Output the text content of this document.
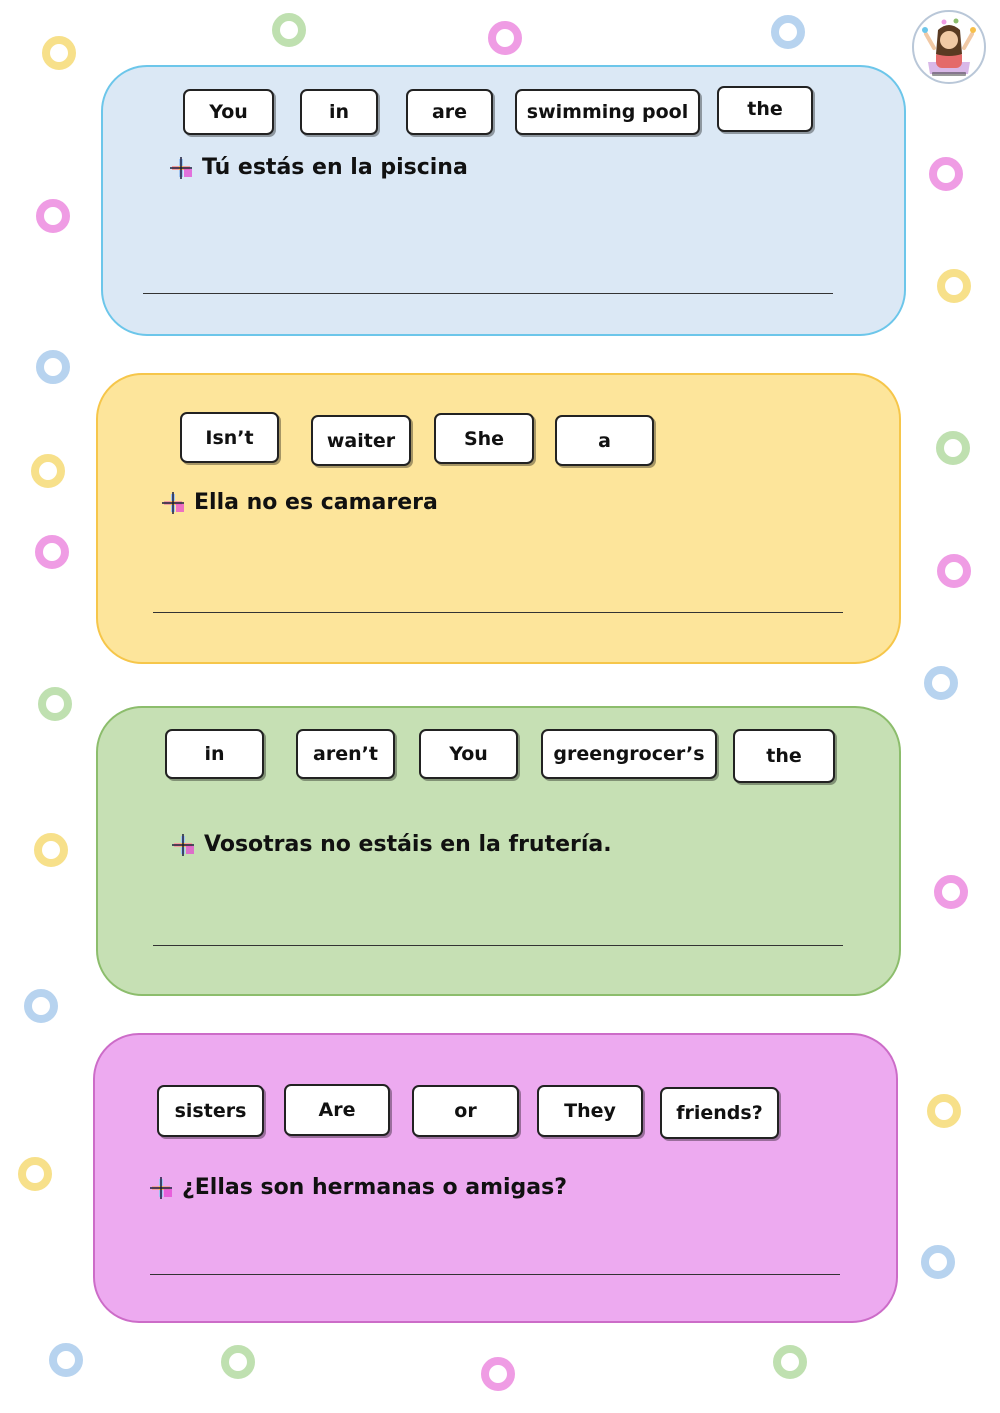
You	in	are	swimming pool	the
Tú estás en la piscina
Isn’t	waiter	She	a
Ella no es camarera
in	aren’t	You	greengrocer’s	the
Vosotras no estáis en la frutería.
sisters	Are	or	They	friends?
¿Ellas son hermanas o amigas?
